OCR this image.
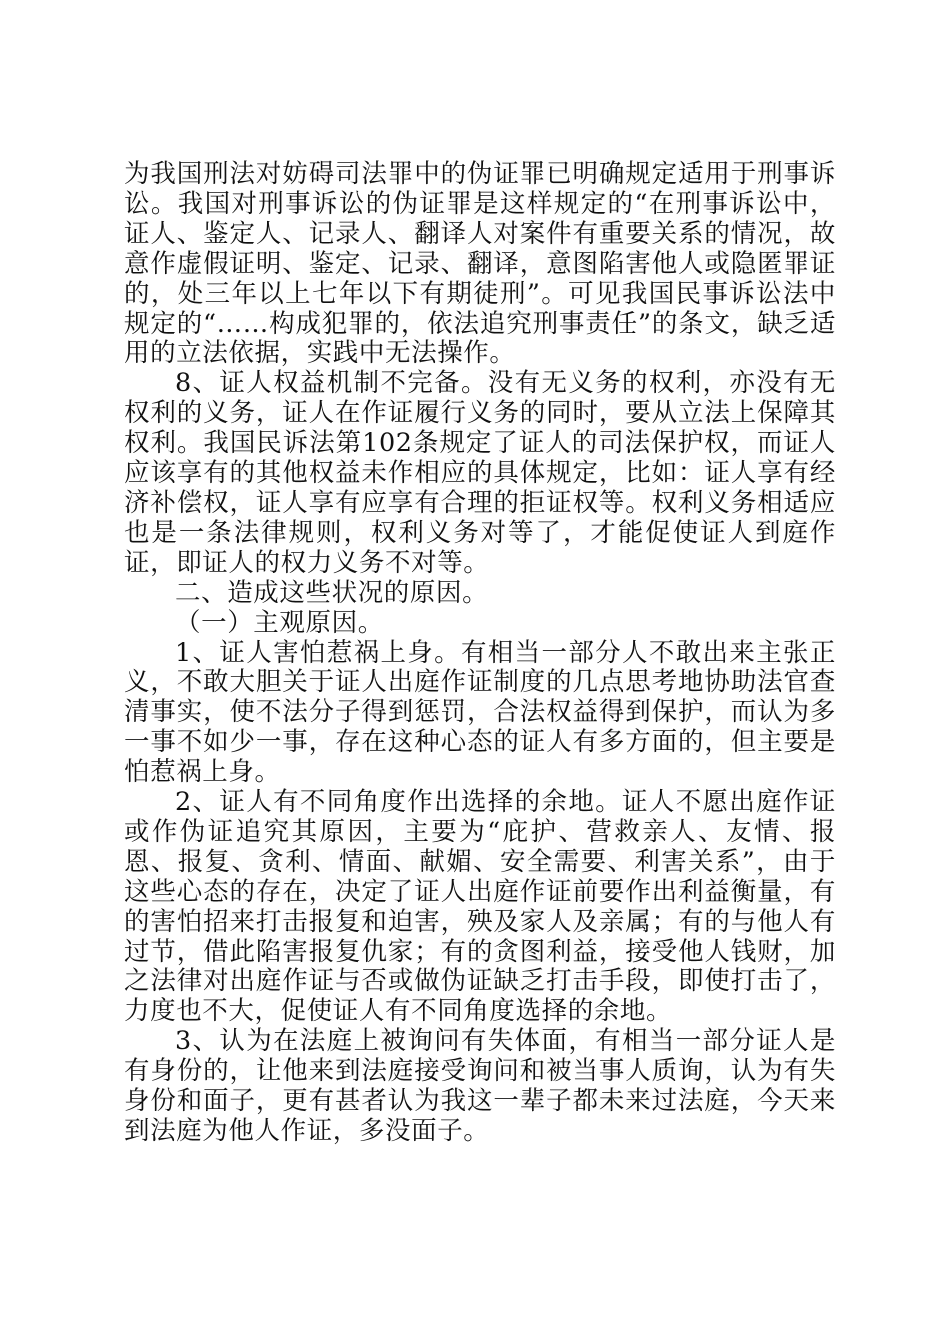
为我国刑法对妨碍司法罪中的伪证罪已明确规定适用于刑事诉讼。我国对刑事诉讼的伪证罪是这样规定的“在刑事诉讼中，证人、鉴定人、记录人、翻译人对案件有重要关系的情况，故意作虚假证明、鉴定、记录、翻译，意图陷害他人或隐匿罪证的，处三年以上七年以下有期徒刑”。可见我国民事诉讼法中规定的“……构成犯罪的，依法追究刑事责任”的条文，缺乏适用的立法依据，实践中无法操作。

8、证人权益机制不完备。没有无义务的权利，亦没有无权利的义务，证人在作证履行义务的同时，要从立法上保障其权利。我国民诉法第102条规定了证人的司法保护权，而证人应该享有的其他权益未作相应的具体规定，比如：证人享有经济补偿权，证人享有应享有合理的拒证权等。权利义务相适应也是一条法律规则，权利义务对等了，才能促使证人到庭作证，即证人的权力义务不对等。

二、造成这些状况的原因。

（一）主观原因。

1、证人害怕惹祸上身。有相当一部分人不敢出来主张正义，不敢大胆关于证人出庭作证制度的几点思考地协助法官查清事实，使不法分子得到惩罚，合法权益得到保护，而认为多一事不如少一事，存在这种心态的证人有多方面的，但主要是怕惹祸上身。

2、证人有不同角度作出选择的余地。证人不愿出庭作证或作伪证追究其原因，主要为“庇护、营救亲人、友情、报恩、报复、贪利、情面、献媚、安全需要、利害关系”，由于这些心态的存在，决定了证人出庭作证前要作出利益衡量，有的害怕招来打击报复和迫害，殃及家人及亲属；有的与他人有过节，借此陷害报复仇家；有的贪图利益，接受他人钱财，加之法律对出庭作证与否或做伪证缺乏打击手段，即使打击了，力度也不大，促使证人有不同角度选择的余地。

3、认为在法庭上被询问有失体面，有相当一部分证人是有身份的，让他来到法庭接受询问和被当事人质询，认为有失身份和面子，更有甚者认为我这一辈子都未来过法庭，今天来到法庭为他人作证，多没面子。
